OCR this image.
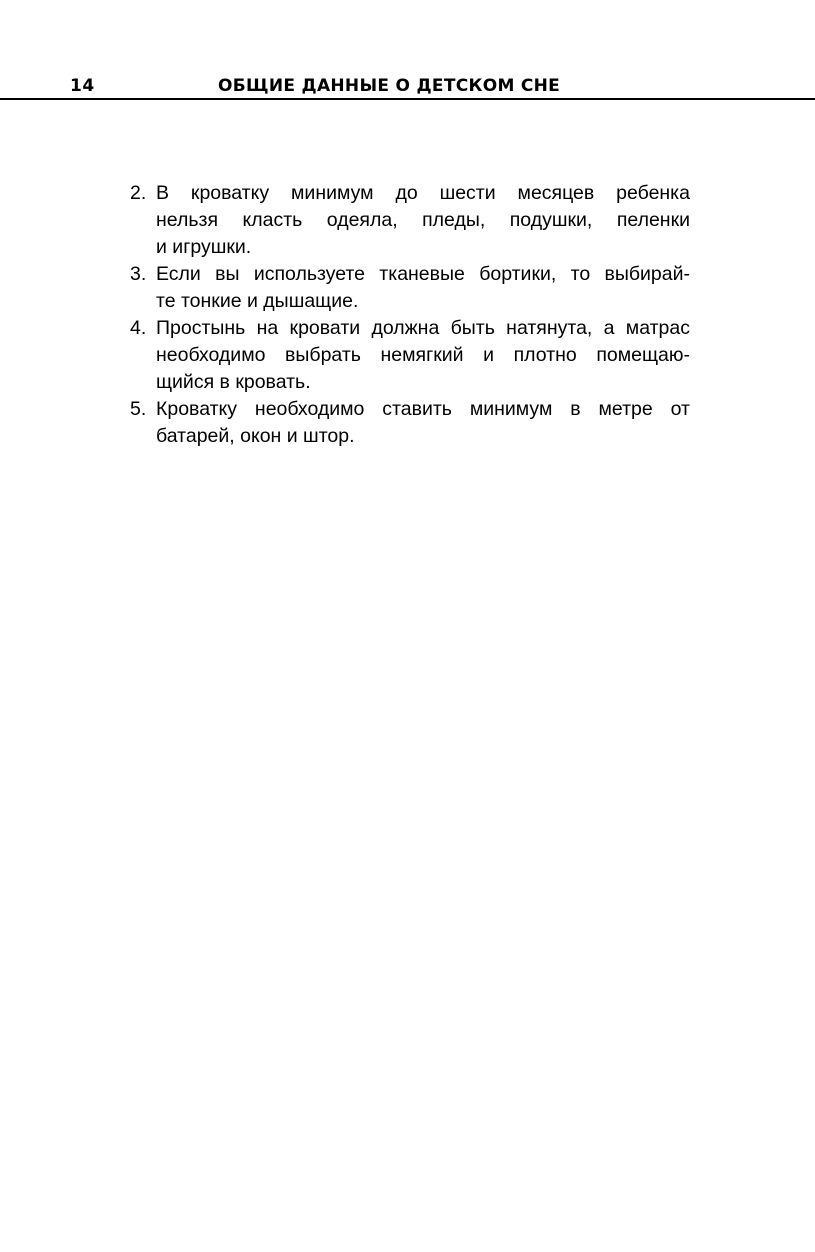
14	ОБЩИЕ ДАННЫЕ О ДЕТСКОМ СНЕ
2. В кроватку минимум до шести месяцев ребенка
нельзя класть одеяла, пледы, подушки, пеленки
и игрушки.
3. Если вы используете тканевые бортики, то выбирай-
те тонкие и дышащие.
4. Простынь на кровати должна быть натянута, а матрас
необходимо выбрать немягкий и плотно помещаю-
щийся в кровать.
5. Кроватку необходимо ставить минимум в метре от
батарей, окон и штор.
